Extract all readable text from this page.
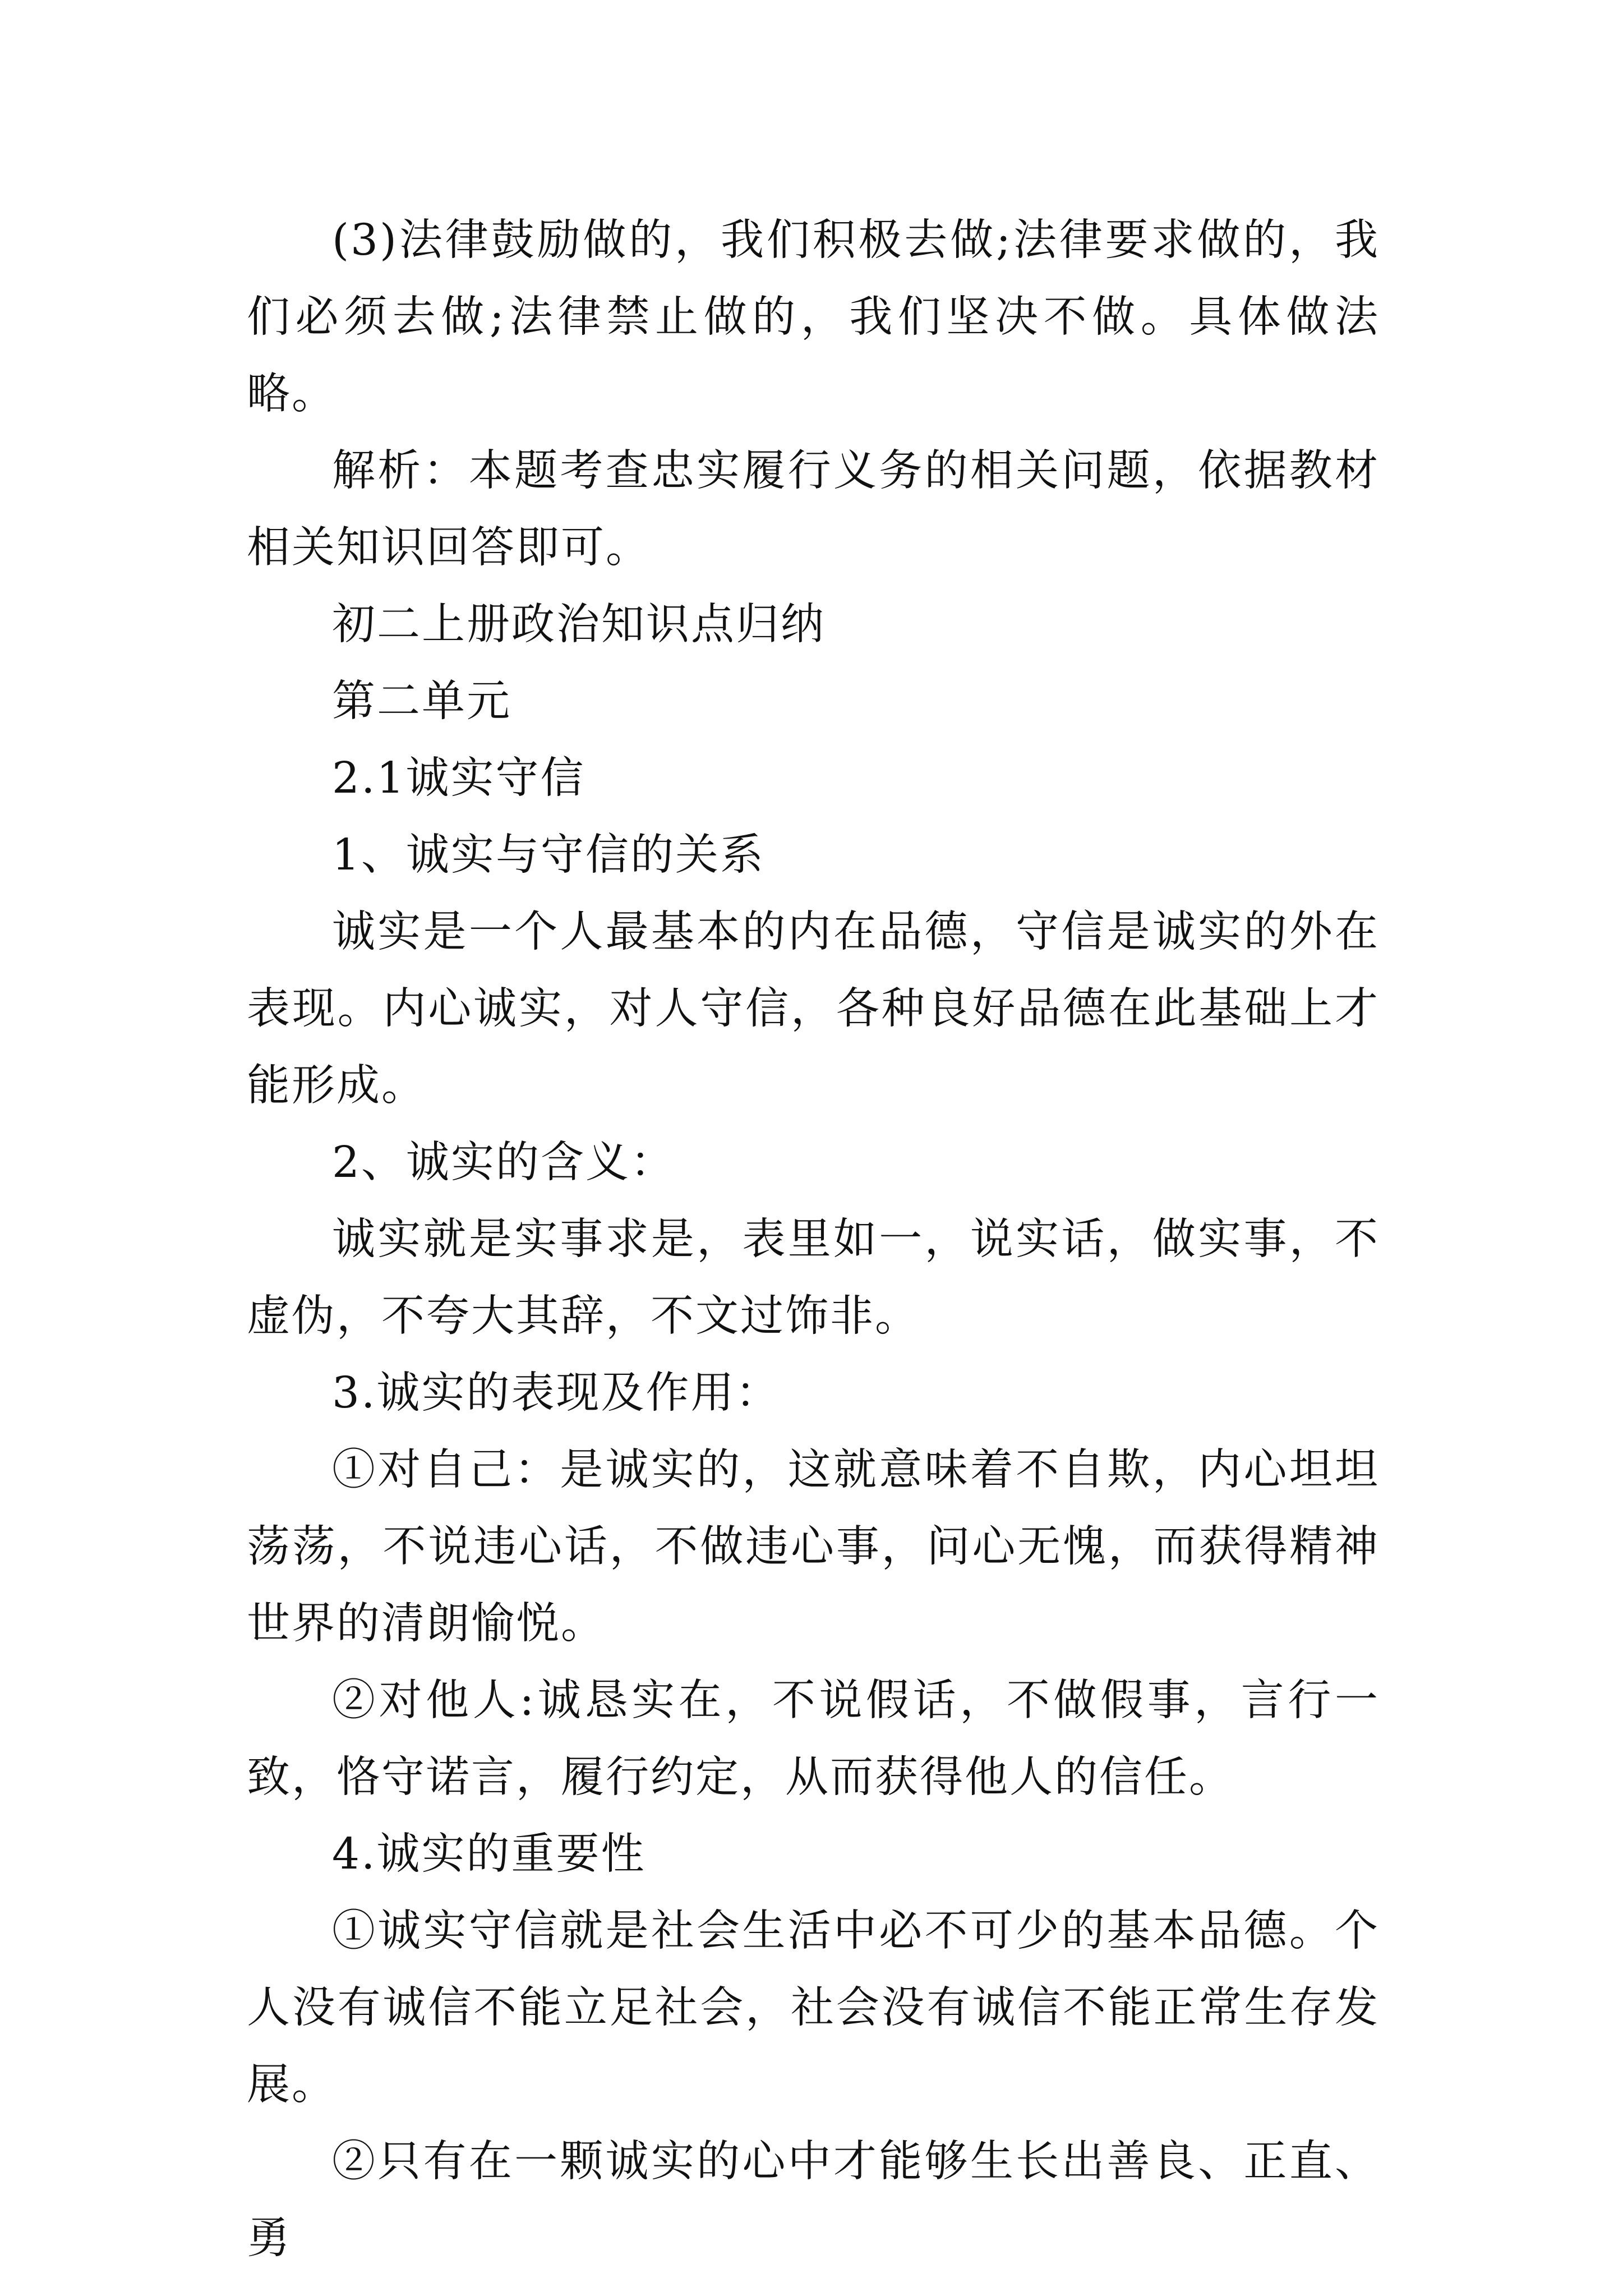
(3)法律鼓励做的，我们积极去做;法律要求做的，我们必须去做;法律禁止做的，我们坚决不做。具体做法略。

解析：本题考查忠实履行义务的相关问题，依据教材相关知识回答即可。

初二上册政治知识点归纳

第二单元

2.1诚实守信

1、诚实与守信的关系

诚实是一个人最基本的内在品德，守信是诚实的外在表现。内心诚实，对人守信，各种良好品德在此基础上才能形成。

2、诚实的含义：

诚实就是实事求是，表里如一，说实话，做实事，不虚伪，不夸大其辞，不文过饰非。

3.诚实的表现及作用：

①对自己：是诚实的，这就意味着不自欺，内心坦坦荡荡，不说违心话，不做违心事，问心无愧，而获得精神世界的清朗愉悦。

②对他人:诚恳实在，不说假话，不做假事，言行一致，恪守诺言，履行约定，从而获得他人的信任。

4.诚实的重要性

①诚实守信就是社会生活中必不可少的基本品德。个人没有诚信不能立足社会，社会没有诚信不能正常生存发展。

②只有在一颗诚实的心中才能够生长出善良、正直、勇
